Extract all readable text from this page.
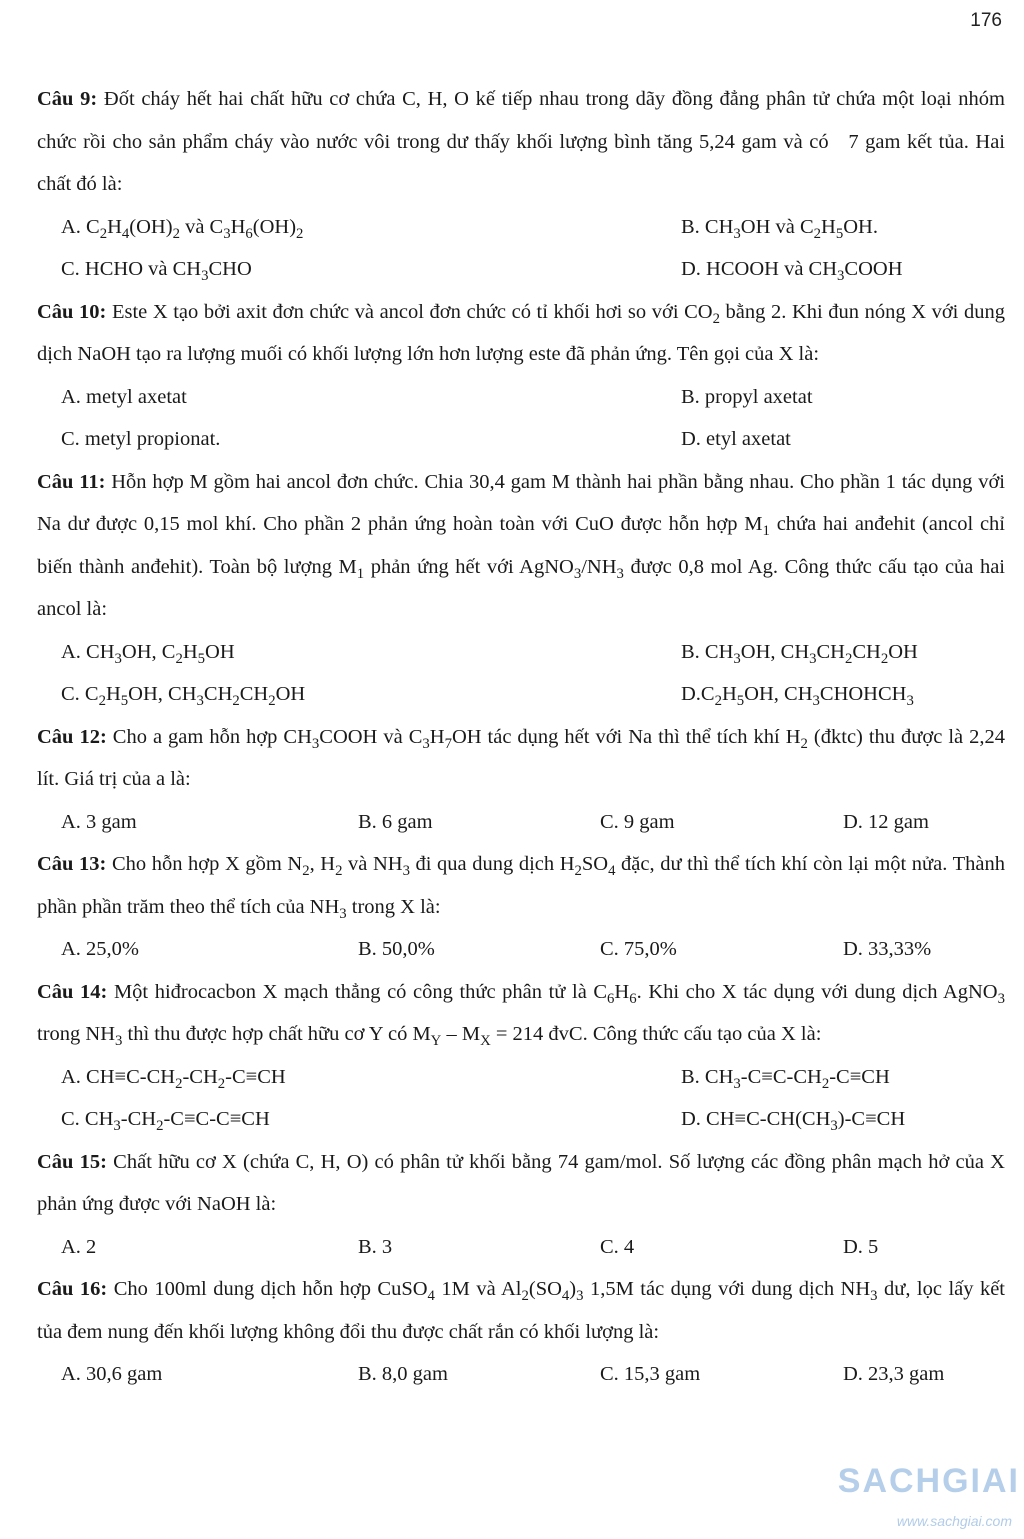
176
Câu 9: Đốt cháy hết hai chất hữu cơ chứa C, H, O kế tiếp nhau trong dãy đồng đẳng phân tử chứa một loại nhóm chức rồi cho sản phẩm cháy vào nước vôi trong dư thấy khối lượng bình tăng 5,24 gam và có   7 gam kết tủa. Hai chất đó là:
A. $C_2H_4(OH)_2$ và $C_3H_6(OH)_2$	B. $CH_3OH$ và $C_2H_5OH$.
C. HCHO và $CH_3CHO$	D. HCOOH và $CH_3COOH$
Câu 10: Este X tạo bởi axit đơn chức và ancol đơn chức có tỉ khối hơi so với $CO_2$ bằng 2. Khi đun nóng X với dung dịch NaOH tạo ra lượng muối có khối lượng lớn hơn lượng este đã phản ứng. Tên gọi của X là:
A. metyl axetat	B. propyl axetat
C. metyl propionat.	D. etyl axetat
Câu 11: Hỗn hợp M gồm hai ancol đơn chức. Chia 30,4 gam M thành hai phần bằng nhau. Cho phần 1 tác dụng với Na dư được 0,15 mol khí. Cho phần 2 phản ứng hoàn toàn với CuO được hỗn hợp $M_1$ chứa hai anđehit (ancol chỉ biến thành anđehit). Toàn bộ lượng $M_1$ phản ứng hết với $AgNO_3/NH_3$ được 0,8 mol Ag. Công thức cấu tạo của hai ancol là:
A. $CH_3OH$, $C_2H_5OH$	B. $CH_3OH$, $CH_3CH_2CH_2OH$
C. $C_2H_5OH$, $CH_3CH_2CH_2OH$	$D.C_2H_5OH$, $CH_3CHOHCH_3$
Câu 12: Cho a gam hỗn hợp $CH_3COOH$ và $C_3H_7OH$ tác dụng hết với Na thì thể tích khí $H_2$ (đktc) thu được là 2,24 lít. Giá trị của a là:
A. 3 gam	B. 6 gam	C. 9 gam	D. 12 gam
Câu 13: Cho hỗn hợp X gồm $N_2$, $H_2$ và $NH_3$ đi qua dung dịch $H_2SO_4$ đặc, dư thì thể tích khí còn lại một nửa. Thành phần phần trăm theo thể tích của $NH_3$ trong X là:
A. 25,0%	B. 50,0%	C. 75,0%	D. 33,33%
Câu 14: Một hiđrocacbon X mạch thẳng có công thức phân tử là $C_6H_6$. Khi cho X tác dụng với dung dịch AgNO$_3$ trong $NH_3$ thì thu được hợp chất hữu cơ Y có $M_Y - M_X = 214$ đvC. Công thức cấu tạo của X là:
A. $CH\equiv C-CH_2-CH_2-C\equiv CH$	B. $CH_3-C\equiv C-CH_2-C\equiv CH$
C. $CH_3-CH_2-C\equiv C-C\equiv CH$	D. $CH\equiv C-CH(CH_3)-C\equiv CH$
Câu 15: Chất hữu cơ X (chứa C, H, O) có phân tử khối bằng 74 gam/mol. Số lượng các đồng phân mạch hở của X phản ứng được với NaOH là:
A. 2	B. 3	C. 4	D. 5
Câu 16: Cho 100ml dung dịch hỗn hợp CuSO$_4$ 1M và $Al_2(SO_4)_3$ 1,5M tác dụng với dung dịch $NH_3$ dư, lọc lấy kết tủa đem nung đến khối lượng không đổi thu được chất rắn có khối lượng là:
A. 30,6 gam	B. 8,0 gam	C. 15,3 gam	D. 23,3 gam
SACHGIAI
www.sachgiai.com
